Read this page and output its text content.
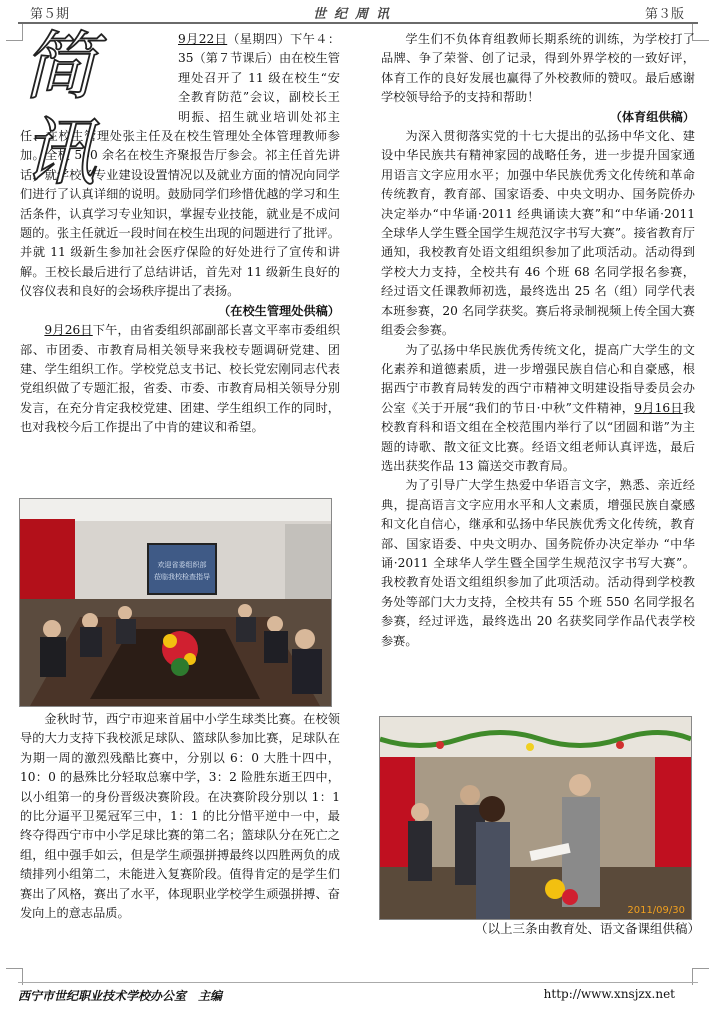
第５期	世纪周讯	第３版
简讯

9月22日（星期四）下午４：35（第７节课后）由在校生管理处召开了 11 级在校生“安全教育防范”会议，副校长王明振、招生就业培训处祁主任、在校生管理处张主任及在校生管理处全体管理教师参加。全校 500 余名在校生齐聚报告厅参会。祁主任首先讲话，就学校各专业建设设置情况以及就业方面的情况向同学们进行了认真详细的说明。鼓励同学们珍惜优越的学习和生活条件，认真学习专业知识，掌握专业技能，就业是不成问题的。张主任就近一段时间在校生出现的问题进行了批评。并就 11 级新生参加社会医疗保险的好处进行了宣传和讲解。王校长最后进行了总结讲话，首先对 11 级新生良好的仪容仪表和良好的会场秩序提出了表扬。

（在校生管理处供稿）

9月26日下午，由省委组织部副部长喜文平率市委组织部、市团委、市教育局相关领导来我校专题调研党建、团建、学生组织工作。学校党总支书记、校长党宏刚同志代表党组织做了专题汇报，省委、市委、市教育局相关领导分别发言，在充分肯定我校党建、团建、学生组织工作的同时，也对我校今后工作提出了中肯的建议和希望。

欢迎省委组织部
莅临我校检查指导

金秋时节，西宁市迎来首届中小学生球类比赛。在校领导的大力支持下我校派足球队、篮球队参加比赛，足球队在为期一周的激烈残酷比赛中，分别以 6：0 大胜十四中，10：0 的悬殊比分轻取总寨中学，3：2 险胜东逝王四中，以小组第一的身份晋级决赛阶段。在决赛阶段分别以 1：1 的比分逼平卫冕冠军三中，1：1 的比分惜平逆中一中，最终夺得西宁市中小学足球比赛的第二名；篮球队分在死亡之组，组中强手如云，但是学生顽强拼搏最终以四胜两负的成绩排列小组第二，未能进入复赛阶段。值得肯定的是学生们赛出了风格，赛出了水平，体现职业学校学生顽强拼搏、奋发向上的意志品质。

学生们不负体育组教师长期系统的训练，为学校打了品牌、争了荣誉、创了记录，得到外界学校的一致好评，体育工作的良好发展也赢得了外校教师的赞叹。最后感谢学校领导给予的支持和帮助！

（体育组供稿）

为深入贯彻落实党的十七大提出的弘扬中华文化、建设中华民族共有精神家园的战略任务，进一步提升国家通用语言文字应用水平；加强中华民族优秀文化传统和革命传统教育，教育部、国家语委、中央文明办、国务院侨办决定举办“中华诵·2011 经典诵读大赛”和“中华诵·2011 全球华人学生暨全国学生规范汉字书写大赛”。接省教育厅通知，我校教育处语文组组织参加了此项活动。活动得到学校大力支持，全校共有 46 个班 68 名同学报名参赛，经过语文任课教师初选，最终选出 25 名（组）同学代表本班参赛，20 名同学获奖。赛后将录制视频上传全国大赛组委会参赛。

为了弘扬中华民族优秀传统文化，提高广大学生的文化素养和道德素质，进一步增强民族自信心和自豪感，根据西宁市教育局转发的西宁市精神文明建设指导委员会办公室《关于开展“我们的节日·中秋”文件精神，9月16日我校教育科和语文组在全校范围内举行了以“团圆和谐”为主题的诗歌、散文征文比赛。经语文组老师认真评选，最后选出获奖作品 13 篇送交市教育局。

为了引导广大学生热爱中华语言文字，熟悉、亲近经典，提高语言文字应用水平和人文素质，增强民族自豪感和文化自信心，继承和弘扬中华民族优秀文化传统，教育部、国家语委、中央文明办、国务院侨办决定举办 “中华诵·2011 全球华人学生暨全国学生规范汉字书写大赛”。 我校教育处语文组组织参加了此项活动。活动得到学校教务处等部门大力支持，全校共有 55 个班 550 名同学报名参赛，经过评选，最终选出 20 名获奖同学作品代表学校参赛。

2011/09/30
（以上三条由教育处、语文备课组供稿）
西宁市世纪职业技术学校办公室 主编	http://www.xnsjzx.net
